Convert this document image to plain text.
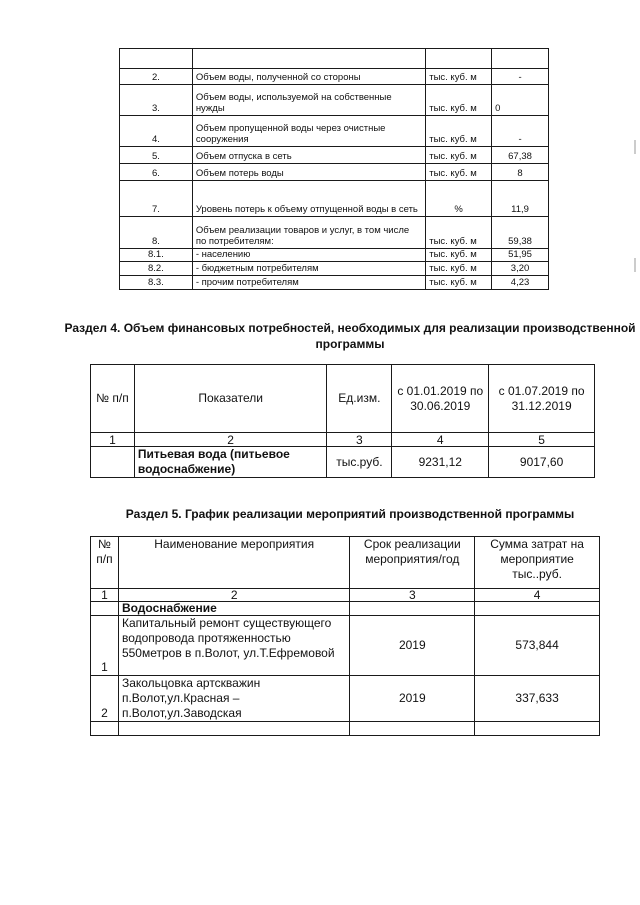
2.	Объем воды, полученной со стороны	тыс. куб. м	-
3.	Объем воды, используемой на собственные нужды	тыс. куб. м	0
4.	Объем пропущенной воды через очистные сооружения	тыс. куб. м	-
5.	Объем отпуска в сеть	тыс. куб. м	67,38
6.	Объем потерь воды	тыс. куб. м	8
7.	Уровень потерь к объему отпущенной воды в сеть	%	11,9
8.	Объем реализации товаров и услуг, в том числе по потребителям:	тыс. куб. м	59,38
8.1.	- населению	тыс. куб. м	51,95
8.2.	- бюджетным потребителям	тыс. куб. м	3,20
8.3.	- прочим потребителям	тыс. куб. м	4,23

Раздел 4. Объем финансовых потребностей, необходимых для реализации производственной программы

№ п/п	Показатели	Ед.изм.	с 01.01.2019 по 30.06.2019	с 01.07.2019 по 31.12.2019
1	2	3	4	5
	Питьевая вода (питьевое водоснабжение)	тыс.руб.	9231,12	9017,60

Раздел 5. График реализации мероприятий производственной программы

№ п/п	Наименование мероприятия	Срок реализации мероприятия/год	Сумма затрат на мероприятие тыс..руб.
1	2	3	4
	Водоснабжение		
1	Капитальный ремонт существующего водопровода протяженностью 550метров в п.Волот, ул.Т.Ефремовой	2019	573,844
2	Закольцовка артскважин п.Волот,ул.Красная – п.Волот,ул.Заводская	2019	337,633
